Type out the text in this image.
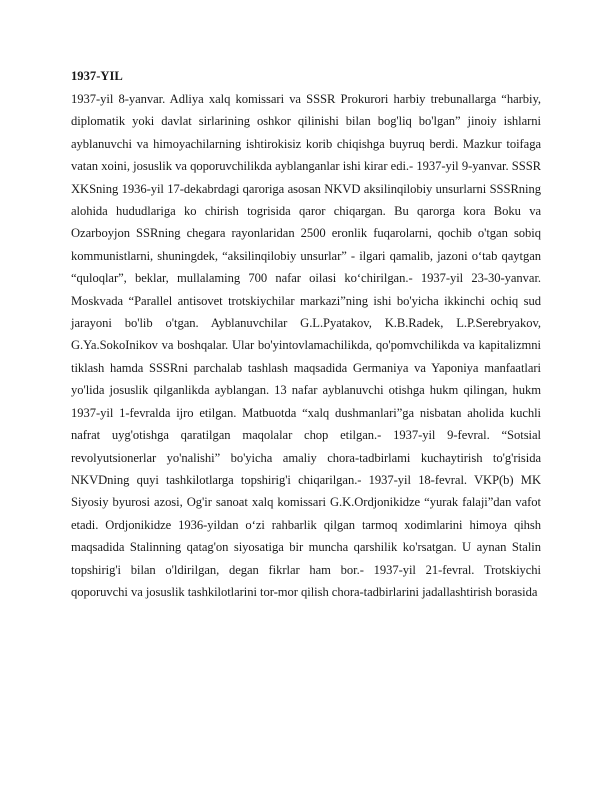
1937-YIL

1937-yil 8-yanvar. Adliya xalq komissari va SSSR Prokurori harbiy trebunallarga “harbiy, diplomatik yoki davlat sirlarining oshkor qilinishi bilan bog'liq bo'lgan” jinoiy ishlarni ayblanuvchi va himoyachilarning ishtirokisiz korib chiqishga buyruq berdi. Mazkur toifaga vatan xoini, josuslik va qoporuvchilikda ayblanganlar ishi kirar edi.- 1937-yil 9-yanvar. SSSR XKSning 1936-yil 17-dekabrdagi qaroriga asosan NKVD aksilinqilobiy unsurlarni SSSRning alohida hududlariga ko chirish togrisida qaror chiqargan. Bu qarorga kora Boku va Ozarboyjon SSRning chegara rayonlaridan 2500 eronlik fuqarolarni, qochib o'tgan sobiq kommunistlarni, shuningdek, “aksilinqilobiy unsurlar” - ilgari qamalib, jazoni o‘tab qaytgan “quloqlar”, beklar, mullalaming 700 nafar oilasi ko‘chirilgan.- 1937-yil 23-30-yanvar. Moskvada “Parallel antisovet trotskiychilar markazi”ning ishi bo'yicha ikkinchi ochiq sud jarayoni bo'lib o'tgan. Ayblanuvchilar G.L.Pyatakov, K.B.Radek, L.P.Serebryakov, G.Ya.SokoInikov va boshqalar. Ular bo'yintovlamachilikda, qo'pomvchilikda va kapitalizmni tiklash hamda SSSRni parchalab tashlash maqsadida Germaniya va Yaponiya manfaatlari yo'lida josuslik qilganlikda ayblangan. 13 nafar ayblanuvchi otishga hukm qilingan, hukm 1937-yil 1-fevralda ijro etilgan. Matbuotda “xalq dushmanlari”ga nisbatan aholida kuchli nafrat uyg'otishga qaratilgan maqolalar chop etilgan.- 1937-yil 9-fevral. “Sotsial revolyutsionerlar yo'nalishi” bo'yicha amaliy chora-tadbirlami kuchaytirish to'g'risida NKVDning quyi tashkilotlarga topshirig'i chiqarilgan.- 1937-yil 18-fevral. VKP(b) MK Siyosiy byurosi azosi, Og'ir sanoat xalq komissari G.K.Ordjonikidze “yurak falaji”dan vafot etadi. Ordjonikidze 1936-yildan o‘zi rahbarlik qilgan tarmoq xodimlarini himoya qihsh maqsadida Stalinning qatag'on siyosatiga bir muncha qarshilik ko'rsatgan. U aynan Stalin topshirig'i bilan o'ldirilgan, degan fikrlar ham bor.- 1937-yil 21-fevral. Trotskiychi qoporuvchi va josuslik tashkilotlarini tor-mor qilish chora-tadbirlarini jadallashtirish borasida
